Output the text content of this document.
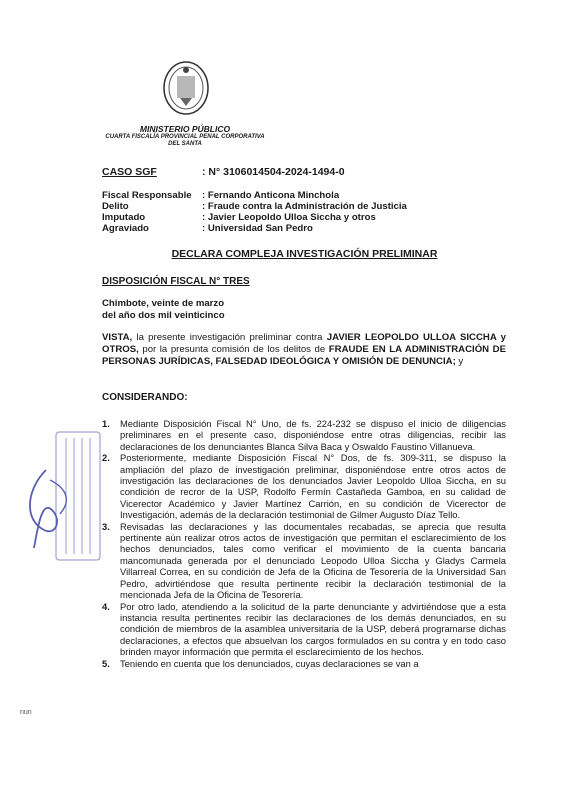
MINISTERIO PÚBLICO
CUARTA FISCALÍA PROVINCIAL PENAL CORPORATIVA
DEL SANTA
CASO SGF	: N° 3106014504-2024-1494-0
Fiscal Responsable : Fernando Anticona Minchola
Delito	: Fraude contra la Administración de Justicia
Imputado	: Javier Leopoldo Ulloa Siccha y otros
Agraviado	: Universidad San Pedro
DECLARA COMPLEJA INVESTIGACIÓN PRELIMINAR
DISPOSICIÓN FISCAL N° TRES
Chimbote, veinte de marzo
del año dos mil veinticinco
VISTA, la presente investigación preliminar contra JAVIER LEOPOLDO ULLOA SICCHA y OTROS, por la presunta comisión de los delitos de FRAUDE EN LA ADMINISTRACIÓN DE PERSONAS JURÍDICAS, FALSEDAD IDEOLÓGICA Y OMISIÓN DE DENUNCIA; y
CONSIDERANDO:
1. Mediante Disposición Fiscal N° Uno, de fs. 224-232 se dispuso el inicio de diligencias preliminares en el presente caso, disponiéndose entre otras diligencias, recibir las declaraciones de los denunciantes Blanca Silva Baca y Oswaldo Faustino Villanueva.
2. Posteriormente, mediante Disposición Fiscal N° Dos, de fs. 309-311, se dispuso la ampliación del plazo de investigación preliminar, disponiéndose entre otros actos de investigación las declaraciones de los denunciados Javier Leopoldo Ulloa Siccha, en su condición de recror de la USP, Rodolfo Fermín Castañeda Gamboa, en su calidad de Vicerector Académico y Javier Martínez Carrión, en su condición de Vicerector de Investigación, además de la declaración testimonial de Gilmer Augusto Díaz Tello.
3. Revisadas las declaraciones y las documentales recabadas, se aprecia que resulta pertinente aún realizar otros actos de investigación que permitan el esclarecimiento de los hechos denunciados, tales como verificar el movimiento de la cuenta bancaria mancomunada generada por el denunciado Leopodo Ulloa Siccha y Gladys Carmela Villarreal Correa, en su condición de Jefa de la Oficina de Tesorería de la Universidad San Pedro, advirtiéndose que resulta pertinente recibir la declaración testimonial de la mencionada Jefa de la Oficina de Tesorería.
4. Por otro lado, atendiendo a la solicitud de la parte denunciante y advirtiéndose que a esta instancia resulta pertinentes recibir las declaraciones de los demás denunciados, en su condición de miembros de la asamblea universitaria de la USP, deberá programarse dichas declaraciones, a efectos que absuelvan los cargos formulados en su contra y en todo caso brinden mayor información que permita el esclarecimiento de los hechos.
5. Teniendo en cuenta que los denunciados, cuyas declaraciones se van a
nun
